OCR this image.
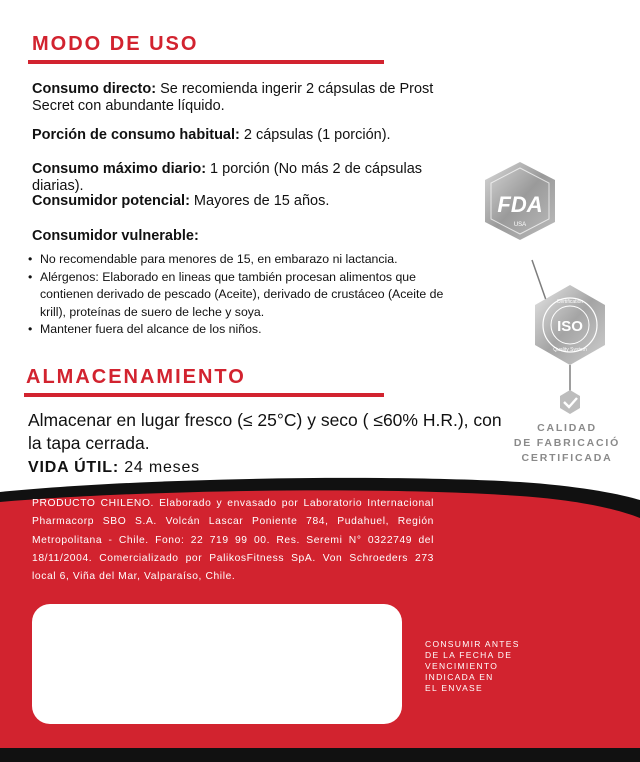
MODO DE USO
Consumo directo: Se recomienda ingerir 2 cápsulas de Prost Secret con abundante líquido.
Porción de consumo habitual: 2 cápsulas (1 porción).
Consumo máximo diario: 1 porción (No más 2 de cápsulas diarias).
Consumidor potencial: Mayores de 15 años.
Consumidor vulnerable:
• No recomendable para menores de 15, en embarazo ni lactancia.
• Alérgenos: Elaborado en lineas que también procesan alimentos que contienen derivado de pescado (Aceite), derivado de crustáceo (Aceite de krill), proteínas de suero de leche y soya.
• Mantener fuera del alcance de los niños.
ALMACENAMIENTO
Almacenar en lugar fresco (≤ 25°C) y seco ( ≤60% H.R.), con la tapa cerrada.
VIDA ÚTIL: 24 meses
FDA
USA
Certification
ISO
Quality System
CALIDAD
DE FABRICACIÓ
CERTIFICADA
PRODUCTO CHILENO. Elaborado y envasado por Laboratorio Internacional Pharmacorp SBO S.A. Volcán Lascar Poniente 784, Pudahuel, Región Metropolitana - Chile. Fono: 22 719 99 00. Res. Seremi N° 0322749 del 18/11/2004. Comercializado por PalikosFitness SpA. Von Schroeders 273 local 6, Viña del Mar, Valparaíso, Chile.
CONSUMIR ANTES
DE LA FECHA DE
VENCIMIENTO
INDICADA EN
EL ENVASE
